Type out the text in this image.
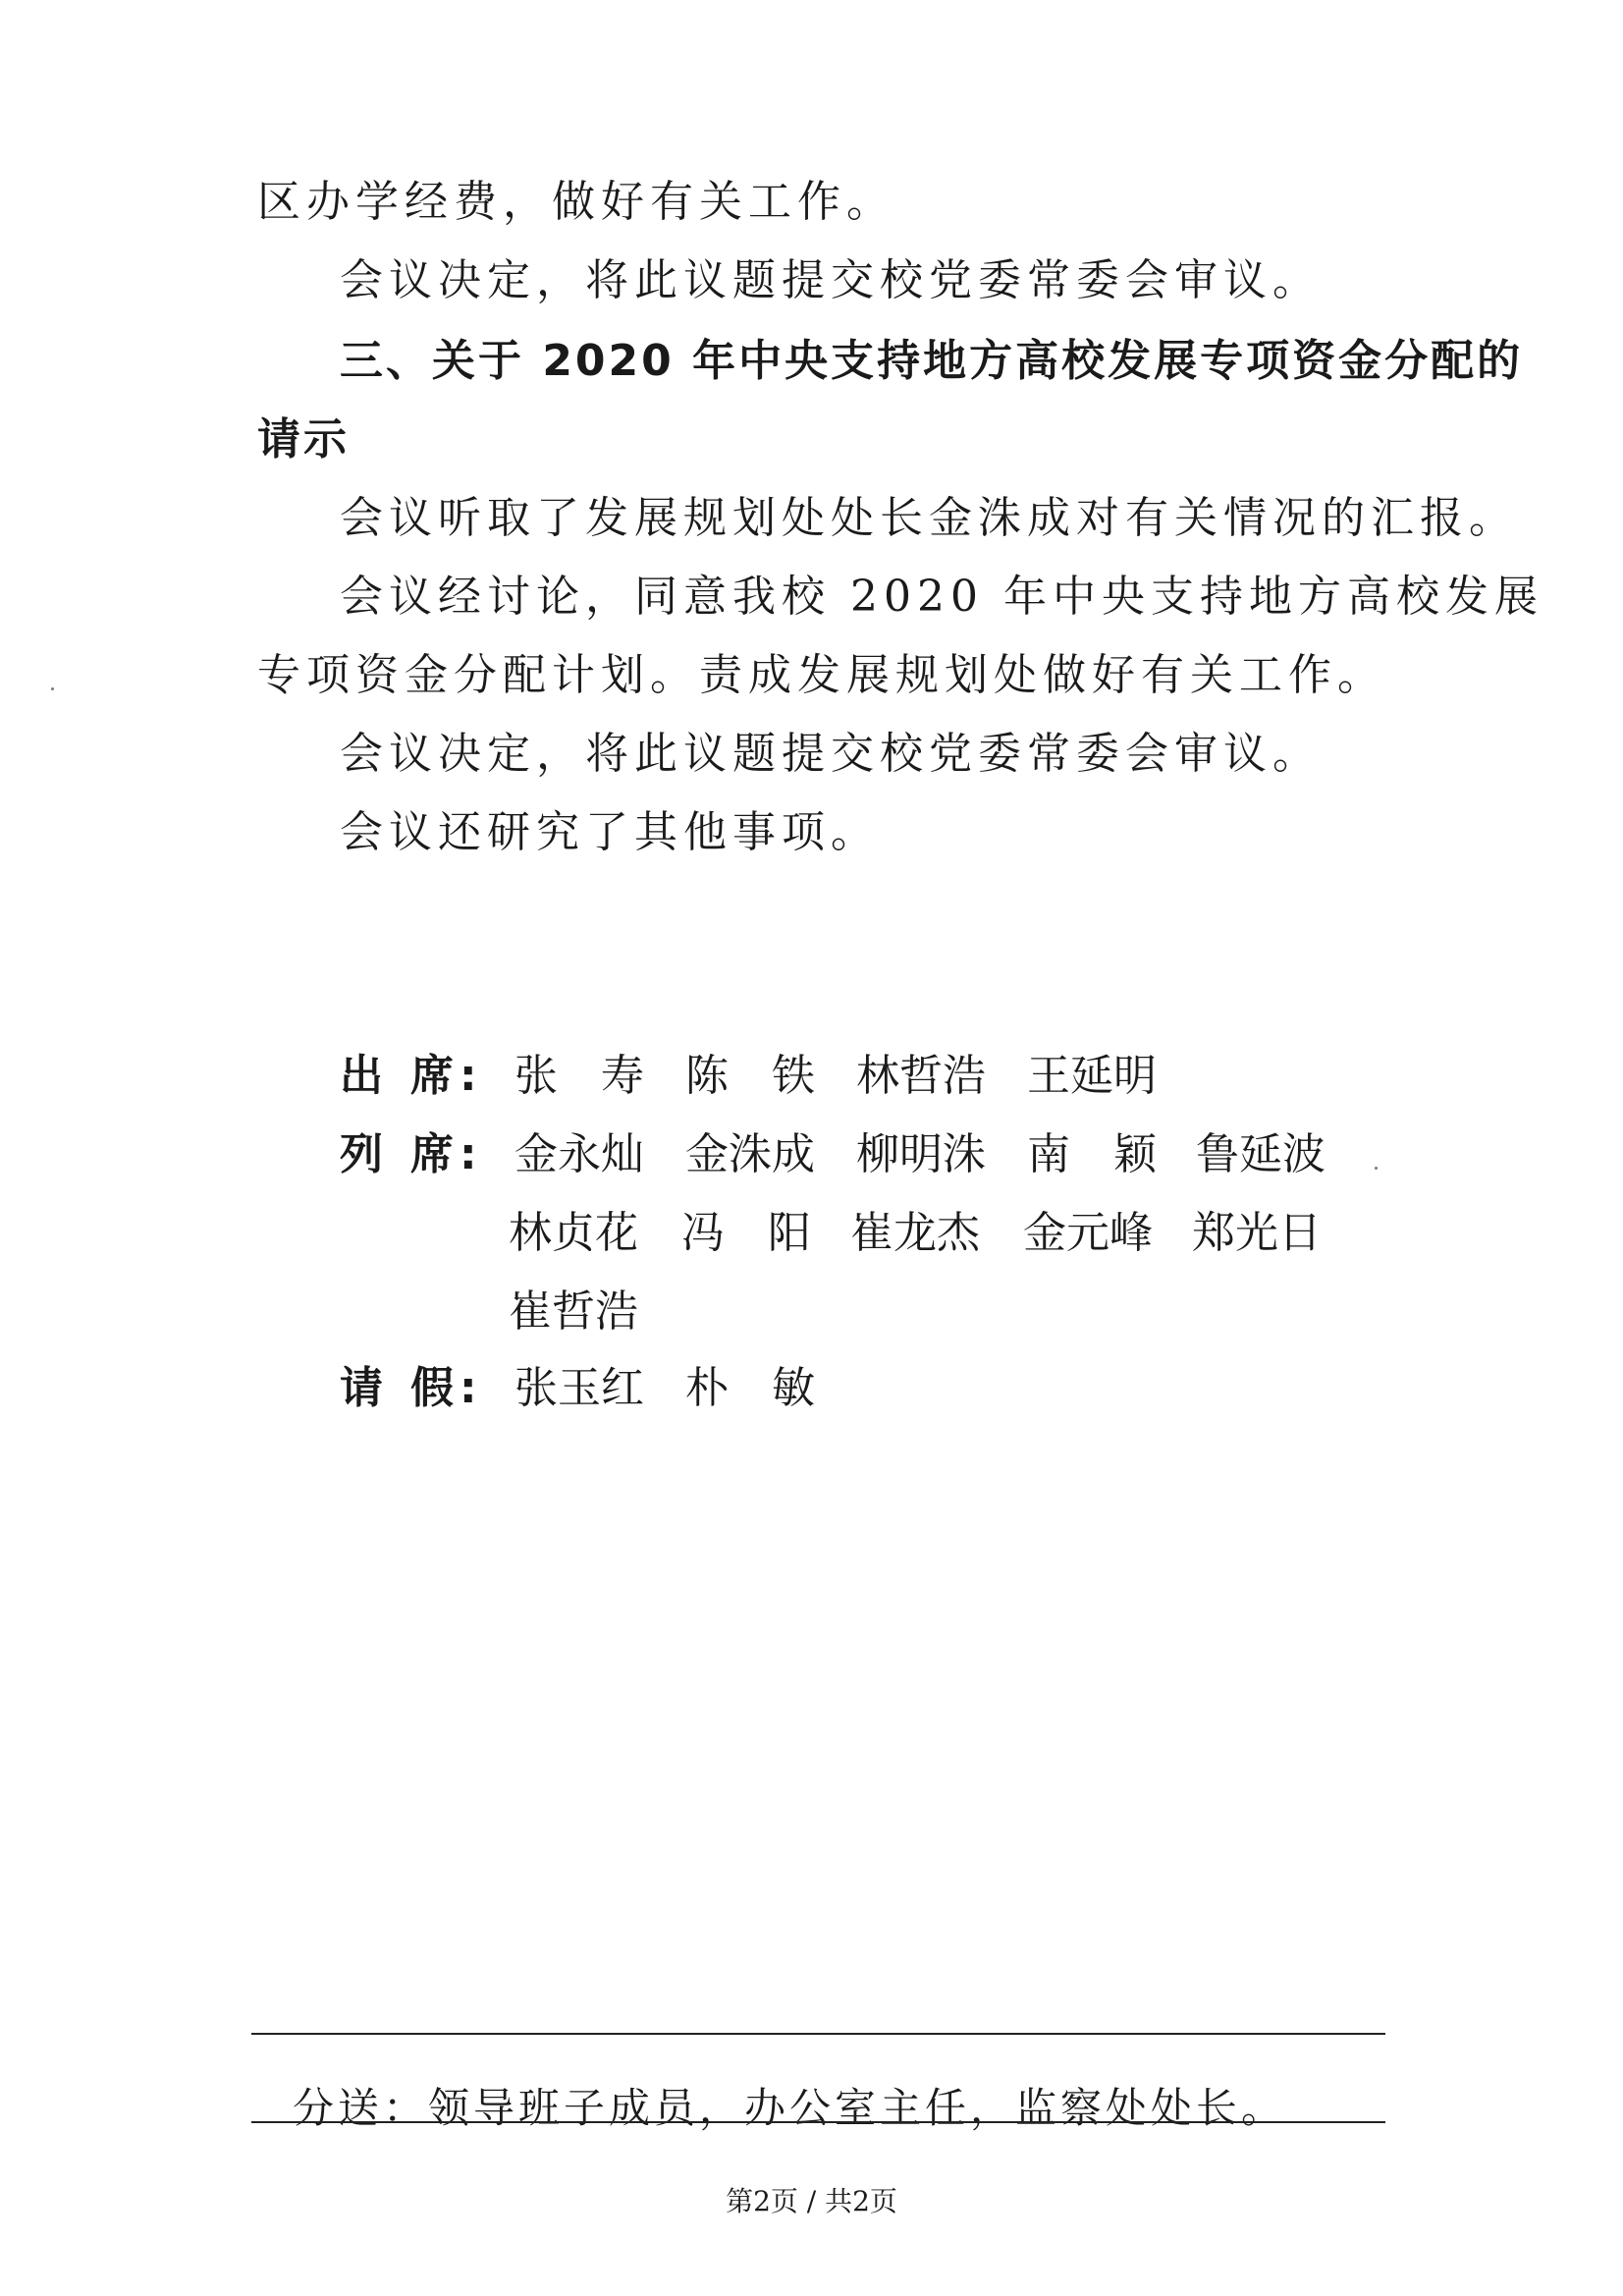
区办学经费，做好有关工作。
会议决定，将此议题提交校党委常委会审议。
三、关于 2020 年中央支持地方高校发展专项资金分配的
请示
会议听取了发展规划处处长金洙成对有关情况的汇报。
会议经讨论，同意我校 2020 年中央支持地方高校发展
专项资金分配计划。责成发展规划处做好有关工作。
会议决定，将此议题提交校党委常委会审议。
会议还研究了其他事项。
出 席 : 张　寿 陈　铁 林哲浩 王延明
列 席 : 金永灿 金洙成 柳明洙 南　颖 鲁延波
林贞花 冯　阳 崔龙杰 金元峰 郑光日
崔哲浩
请 假 : 张玉红 朴　敏
分送：领导班子成员，办公室主任，监察处处长。
第2页 / 共2页
